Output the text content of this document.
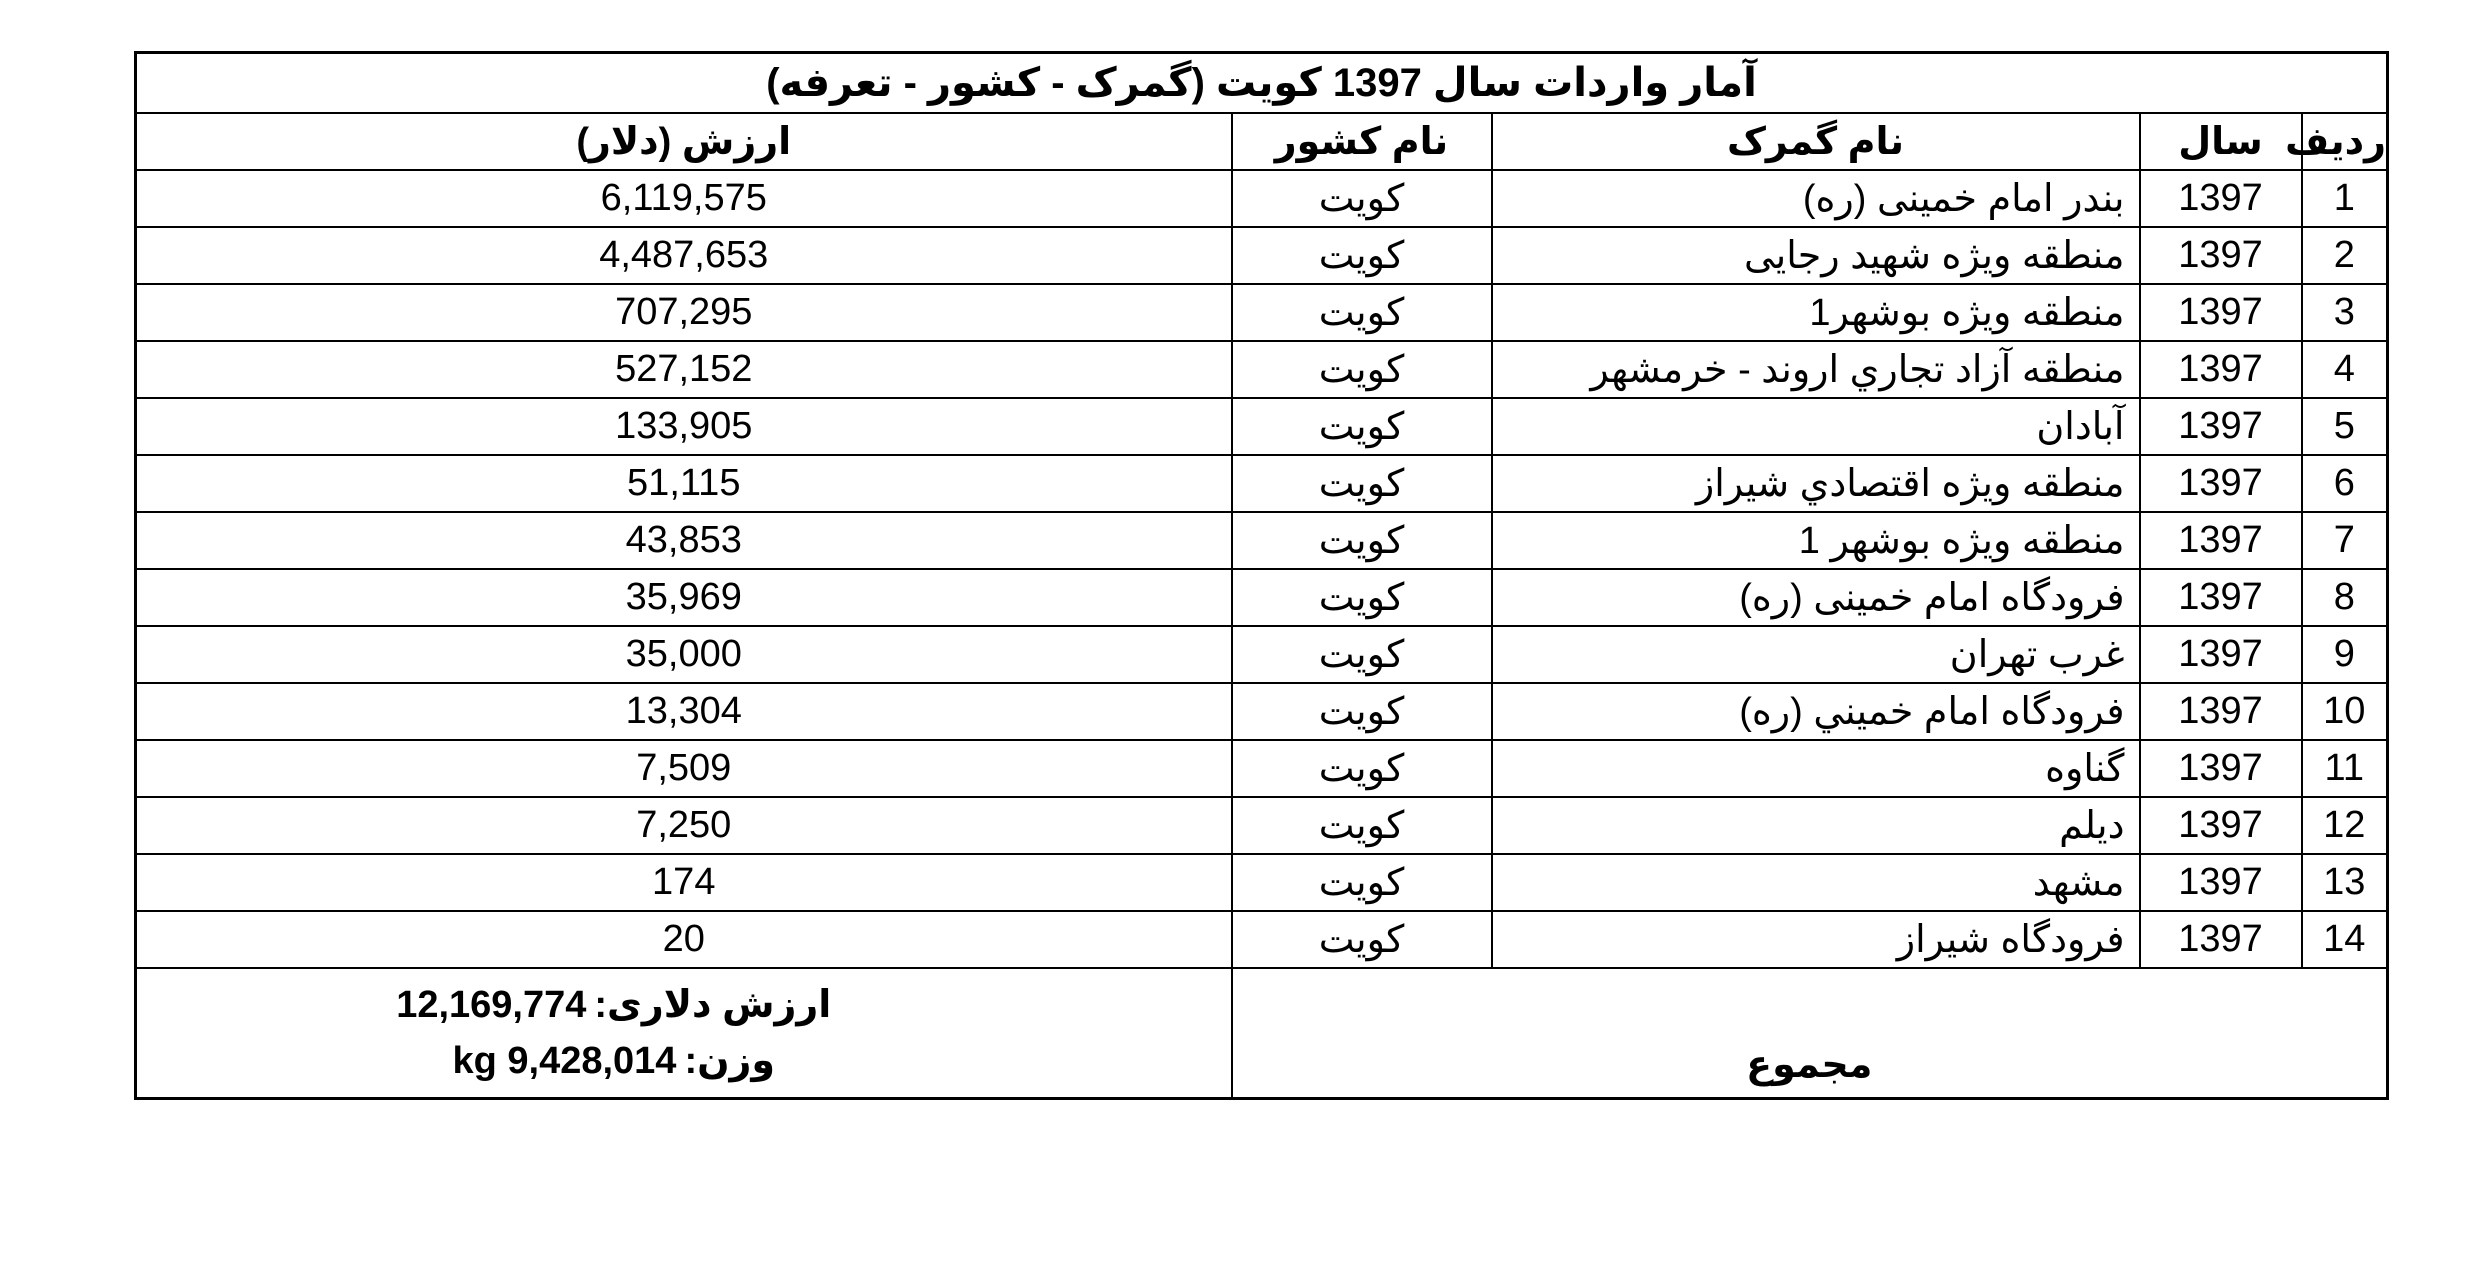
آمار واردات سال 1397 کویت (گمرک - کشور - تعرفه)				
ارزش (دلار)	نام کشور	نام گمرک	سال	ردیف
6,119,575	کویت	بندر امام خمینی (ره)	1397	1
4,487,653	کویت	منطقه ویژه شهید رجایی	1397	2
707,295	کویت	منطقه ویژه بوشهر1	1397	3
527,152	کویت	منطقه آزاد تجاري اروند - خرمشهر	1397	4
133,905	کویت	آبادان	1397	5
51,115	کویت	منطقه ویژه اقتصادي شیراز	1397	6
43,853	کویت	منطقه ویژه بوشهر 1	1397	7
35,969	کویت	فرودگاه امام خمینی (ره)	1397	8
35,000	کویت	غرب تهران	1397	9
13,304	کویت	فرودگاه امام خميني (ره)	1397	10
7,509	کویت	گناوه	1397	11
7,250	کویت	دیلم	1397	12
174	کویت	مشهد	1397	13
20	کویت	فرودگاه شیراز	1397	14

ارزش دلاری:
12,169,774
وزن:
kg 9,428,014	مجموع			
